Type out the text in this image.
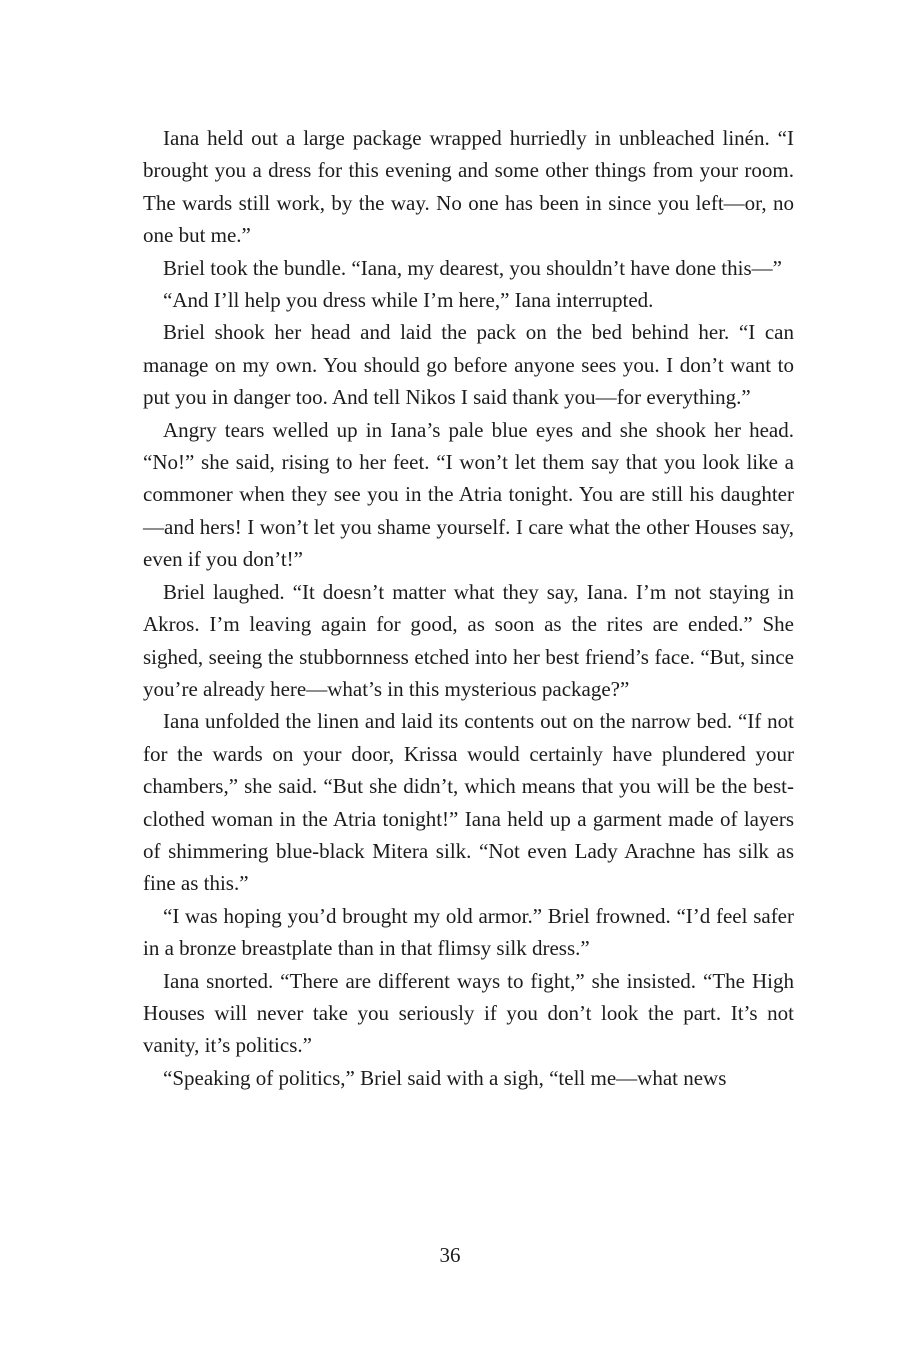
Iana held out a large package wrapped hurriedly in unbleached linén. “I brought you a dress for this evening and some other things from your room. The wards still work, by the way. No one has been in since you left—or, no one but me.”

Briel took the bundle. “Iana, my dearest, you shouldn’t have done this—”

“And I’ll help you dress while I’m here,” Iana interrupted.

Briel shook her head and laid the pack on the bed behind her. “I can manage on my own. You should go before anyone sees you. I don’t want to put you in danger too. And tell Nikos I said thank you—for everything.”

Angry tears welled up in Iana’s pale blue eyes and she shook her head. “No!” she said, rising to her feet. “I won’t let them say that you look like a commoner when they see you in the Atria tonight. You are still his daughter—and hers! I won’t let you shame yourself. I care what the other Houses say, even if you don’t!”

Briel laughed. “It doesn’t matter what they say, Iana. I’m not staying in Akros. I’m leaving again for good, as soon as the rites are ended.” She sighed, seeing the stubbornness etched into her best friend’s face. “But, since you’re already here—what’s in this mysterious package?”

Iana unfolded the linen and laid its contents out on the narrow bed. “If not for the wards on your door, Krissa would certainly have plundered your chambers,” she said. “But she didn’t, which means that you will be the best-clothed woman in the Atria tonight!” Iana held up a garment made of layers of shimmering blue-black Mitera silk. “Not even Lady Arachne has silk as fine as this.”

“I was hoping you’d brought my old armor.” Briel frowned. “I’d feel safer in a bronze breastplate than in that flimsy silk dress.”

Iana snorted. “There are different ways to fight,” she insisted. “The High Houses will never take you seriously if you don’t look the part. It’s not vanity, it’s politics.”

“Speaking of politics,” Briel said with a sigh, “tell me—what news

36
